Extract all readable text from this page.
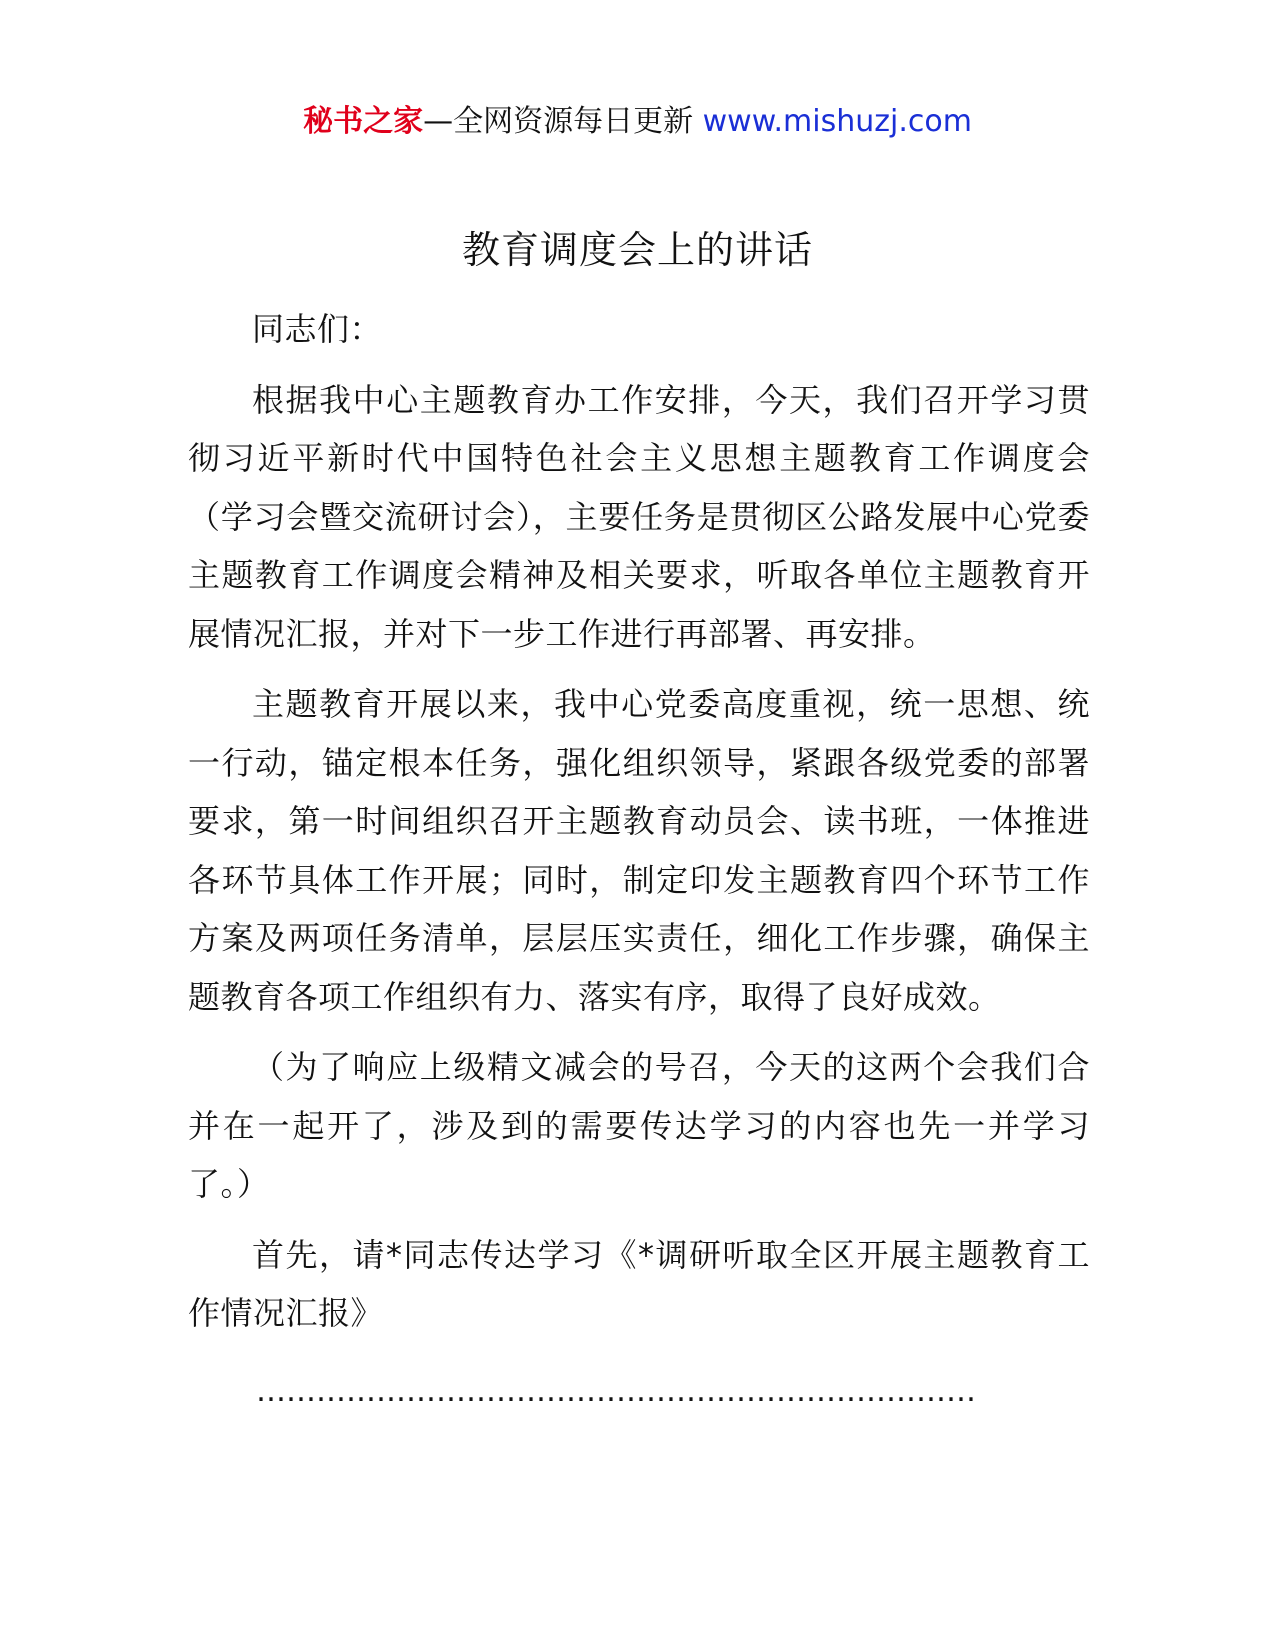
秘书之家—全网资源每日更新 www.mishuzj.com
教育调度会上的讲话

同志们：

根据我中心主题教育办工作安排，今天，我们召开学习贯彻习近平新时代中国特色社会主义思想主题教育工作调度会（学习会暨交流研讨会），主要任务是贯彻区公路发展中心党委主题教育工作调度会精神及相关要求，听取各单位主题教育开展情况汇报，并对下一步工作进行再部署、再安排。

主题教育开展以来，我中心党委高度重视，统一思想、统一行动，锚定根本任务，强化组织领导，紧跟各级党委的部署要求，第一时间组织召开主题教育动员会、读书班，一体推进各环节具体工作开展；同时，制定印发主题教育四个环节工作方案及两项任务清单，层层压实责任，细化工作步骤，确保主题教育各项工作组织有力、落实有序，取得了良好成效。

（为了响应上级精文减会的号召，今天的这两个会我们合并在一起开了，涉及到的需要传达学习的内容也先一并学习了。）

首先，请*同志传达学习《*调研听取全区开展主题教育工作情况汇报》

………………………………………………………………
